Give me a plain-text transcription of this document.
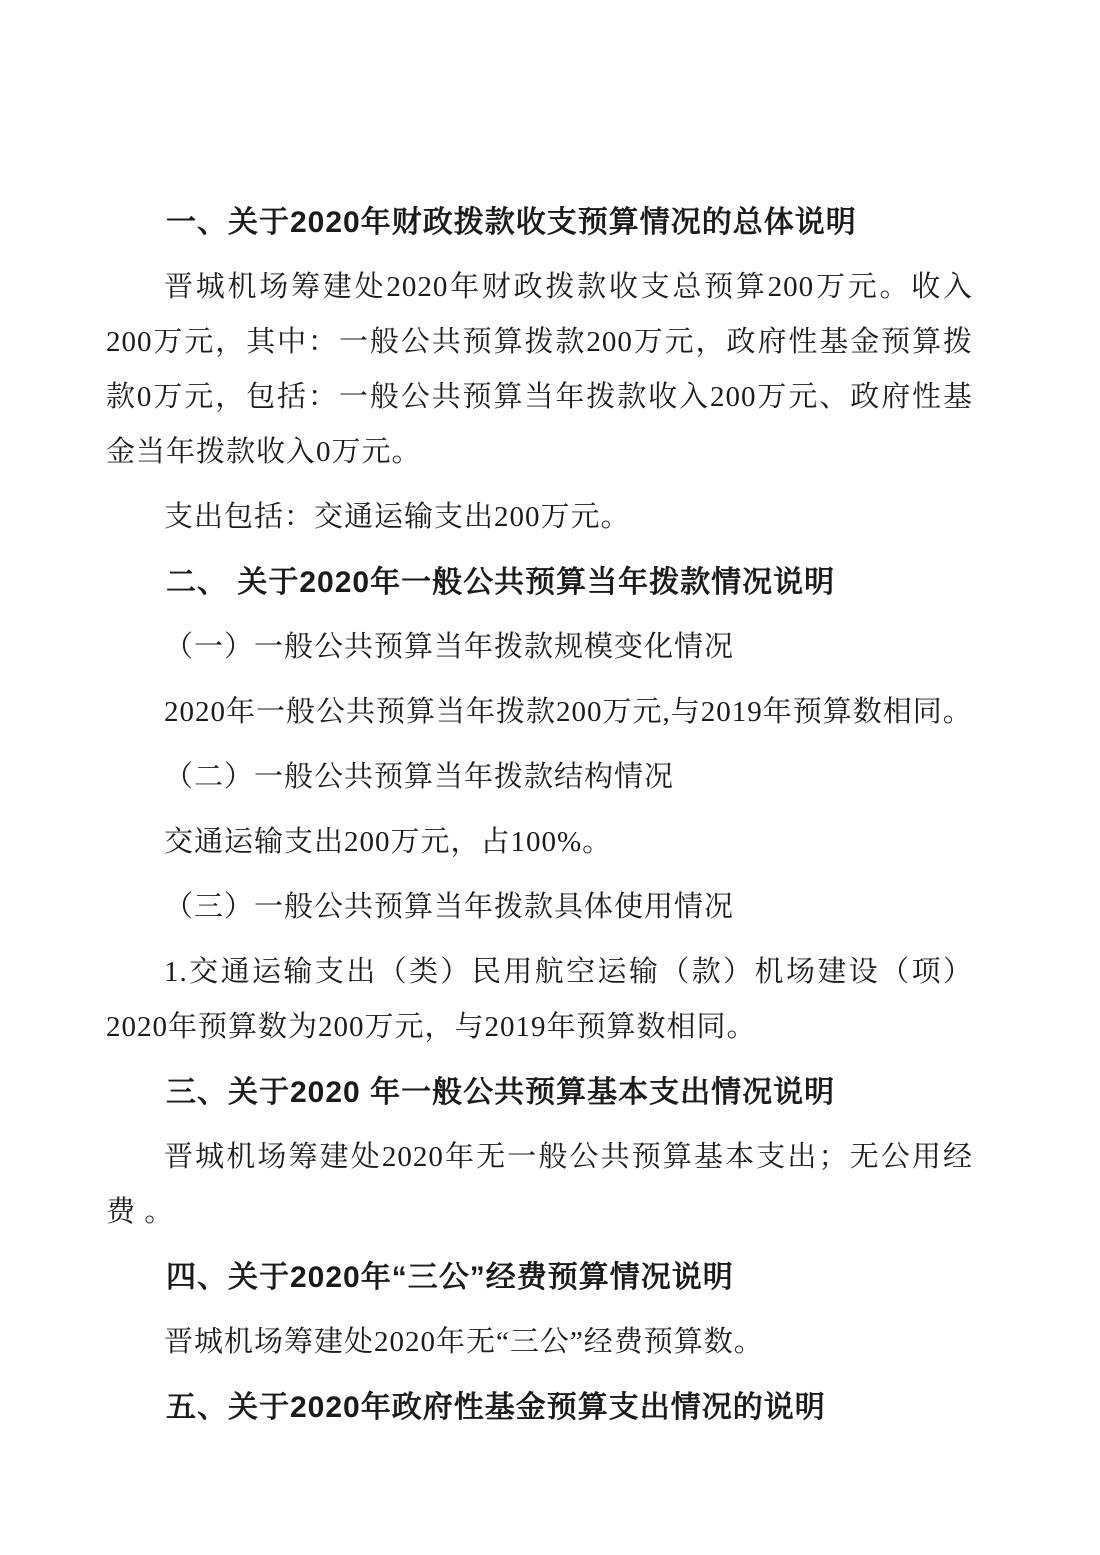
一、关于2020年财政拨款收支预算情况的总体说明
晋城机场筹建处2020年财政拨款收支总预算200万元。收入200万元，其中：一般公共预算拨款200万元，政府性基金预算拨款0万元，包括：一般公共预算当年拨款收入200万元、政府性基金当年拨款收入0万元。
支出包括：交通运输支出200万元。
二、 关于2020年一般公共预算当年拨款情况说明
（一）一般公共预算当年拨款规模变化情况
2020年一般公共预算当年拨款200万元,与2019年预算数相同。
（二）一般公共预算当年拨款结构情况
交通运输支出200万元，占100%。
（三）一般公共预算当年拨款具体使用情况
1.交通运输支出（类）民用航空运输（款）机场建设（项）2020年预算数为200万元，与2019年预算数相同。
三、关于2020 年一般公共预算基本支出情况说明
晋城机场筹建处2020年无一般公共预算基本支出；无公用经费 。
四、关于2020年“三公”经费预算情况说明
晋城机场筹建处2020年无“三公”经费预算数。
五、关于2020年政府性基金预算支出情况的说明
